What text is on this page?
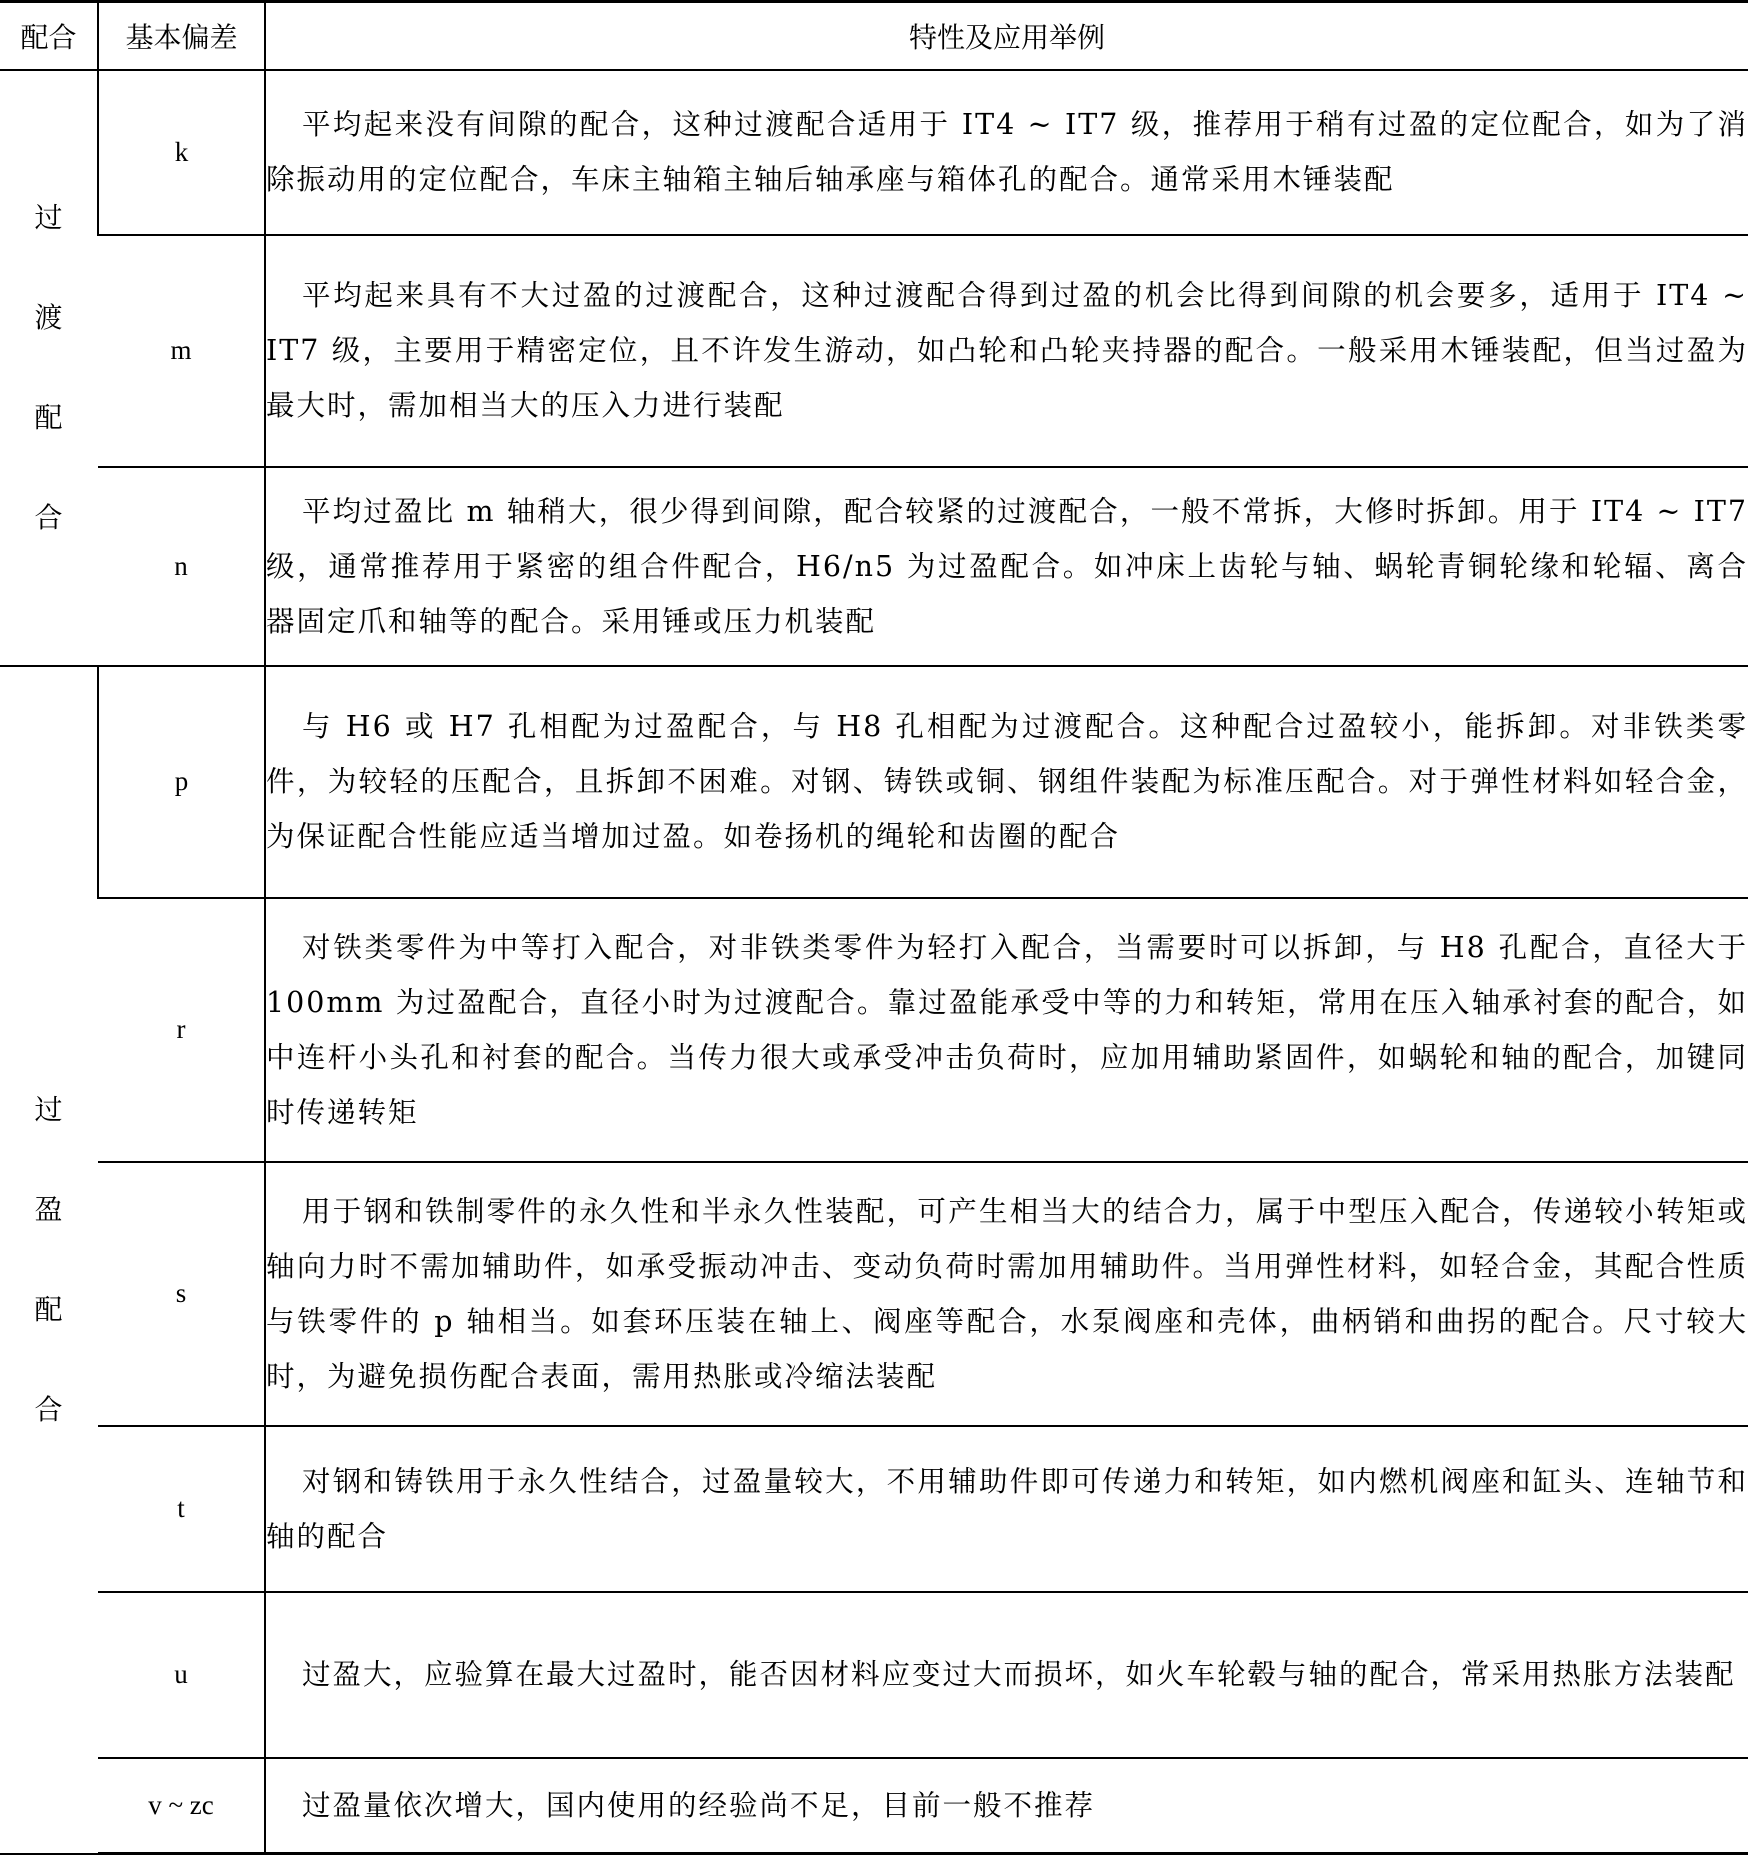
配合	基本偏差	特性及应用举例

过
渡
配
合	k	平均起来没有间隙的配合，这种过渡配合适用于 IT4 ~ IT7 级，推荐用于稍有过盈的定位配合，如为了消除振动用的定位配合，车床主轴箱主轴后轴承座与箱体孔的配合。通常采用木锤装配
	m	平均起来具有不大过盈的过渡配合，这种过渡配合得到过盈的机会比得到间隙的机会要多，适用于 IT4 ~ IT7 级，主要用于精密定位，且不许发生游动，如凸轮和凸轮夹持器的配合。一般采用木锤装配，但当过盈为最大时，需加相当大的压入力进行装配
	n	平均过盈比 m 轴稍大，很少得到间隙，配合较紧的过渡配合，一般不常拆，大修时拆卸。用于 IT4 ~ IT7 级，通常推荐用于紧密的组合件配合，H6/n5 为过盈配合。如冲床上齿轮与轴、蜗轮青铜轮缘和轮辐、离合器固定爪和轴等的配合。采用锤或压力机装配

过
盈
配
合	p	与 H6 或 H7 孔相配为过盈配合，与 H8 孔相配为过渡配合。这种配合过盈较小，能拆卸。对非铁类零件，为较轻的压配合，且拆卸不困难。对钢、铸铁或铜、钢组件装配为标准压配合。对于弹性材料如轻合金，为保证配合性能应适当增加过盈。如卷扬机的绳轮和齿圈的配合
	r	对铁类零件为中等打入配合，对非铁类零件为轻打入配合，当需要时可以拆卸，与 H8 孔配合，直径大于 100mm 为过盈配合，直径小时为过渡配合。靠过盈能承受中等的力和转矩，常用在压入轴承衬套的配合，如中连杆小头孔和衬套的配合。当传力很大或承受冲击负荷时，应加用辅助紧固件，如蜗轮和轴的配合，加键同时传递转矩
	s	用于钢和铁制零件的永久性和半永久性装配，可产生相当大的结合力，属于中型压入配合，传递较小转矩或轴向力时不需加辅助件，如承受振动冲击、变动负荷时需加用辅助件。当用弹性材料，如轻合金，其配合性质与铁零件的 p 轴相当。如套环压装在轴上、阀座等配合，水泵阀座和壳体，曲柄销和曲拐的配合。尺寸较大时，为避免损伤配合表面，需用热胀或冷缩法装配
	t	对钢和铸铁用于永久性结合，过盈量较大，不用辅助件即可传递力和转矩，如内燃机阀座和缸头、连轴节和轴的配合
	u	过盈大，应验算在最大过盈时，能否因材料应变过大而损坏，如火车轮毂与轴的配合，常采用热胀方法装配
	v ~ zc	过盈量依次增大，国内使用的经验尚不足，目前一般不推荐
